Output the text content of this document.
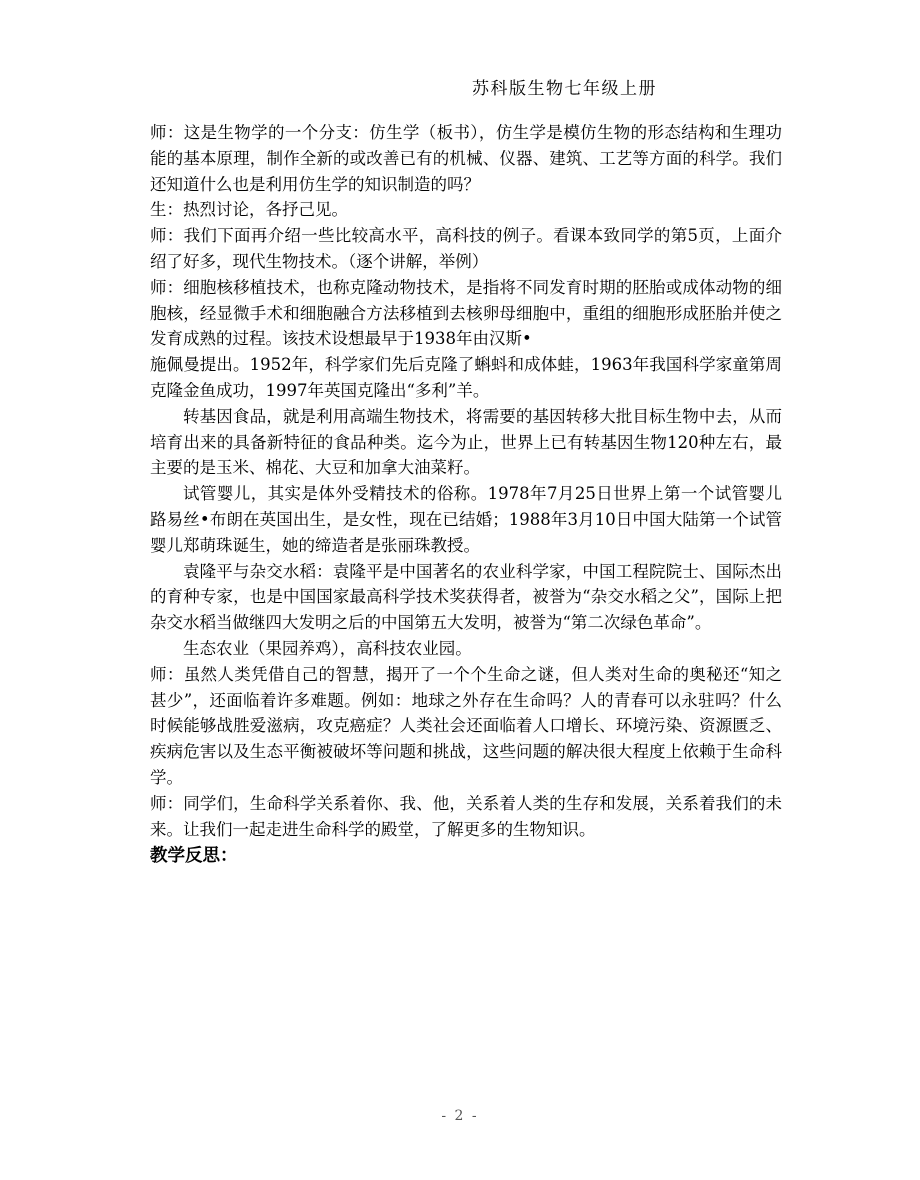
苏科版生物七年级上册

师：这是生物学的一个分支：仿生学（板书），仿生学是模仿生物的形态结构和生理功能的基本原理，制作全新的或改善已有的机械、仪器、建筑、工艺等方面的科学。我们还知道什么也是利用仿生学的知识制造的吗？

生：热烈讨论，各抒己见。

师：我们下面再介绍一些比较高水平，高科技的例子。看课本致同学的第5页，上面介绍了好多，现代生物技术。（逐个讲解，举例）

师：细胞核移植技术，也称克隆动物技术，是指将不同发育时期的胚胎或成体动物的细胞核，经显微手术和细胞融合方法移植到去核卵母细胞中，重组的细胞形成胚胎并使之发育成熟的过程。该技术设想最早于1938年由汉斯•

施佩曼提出。1952年，科学家们先后克隆了蝌蚪和成体蛙，1963年我国科学家童第周克隆金鱼成功，1997年英国克隆出“多利”羊。

转基因食品，就是利用高端生物技术，将需要的基因转移大批目标生物中去，从而培育出来的具备新特征的食品种类。迄今为止，世界上已有转基因生物120种左右，最主要的是玉米、棉花、大豆和加拿大油菜籽。

试管婴儿，其实是体外受精技术的俗称。1978年7月25日世界上第一个试管婴儿路易丝•布朗在英国出生，是女性，现在已结婚；1988年3月10日中国大陆第一个试管婴儿郑萌珠诞生，她的缔造者是张丽珠教授。

袁隆平与杂交水稻：袁隆平是中国著名的农业科学家，中国工程院院士、国际杰出的育种专家，也是中国国家最高科学技术奖获得者，被誉为“杂交水稻之父”，国际上把杂交水稻当做继四大发明之后的中国第五大发明，被誉为“第二次绿色革命”。

生态农业（果园养鸡），高科技农业园。

师：虽然人类凭借自己的智慧，揭开了一个个生命之谜，但人类对生命的奥秘还“知之甚少”，还面临着许多难题。例如：地球之外存在生命吗？人的青春可以永驻吗？什么时候能够战胜爱滋病，攻克癌症？人类社会还面临着人口增长、环境污染、资源匮乏、疾病危害以及生态平衡被破坏等问题和挑战，这些问题的解决很大程度上依赖于生命科学。

师：同学们，生命科学关系着你、我、他，关系着人类的生存和发展，关系着我们的未来。让我们一起走进生命科学的殿堂，了解更多的生物知识。

教学反思：

- 2 -
